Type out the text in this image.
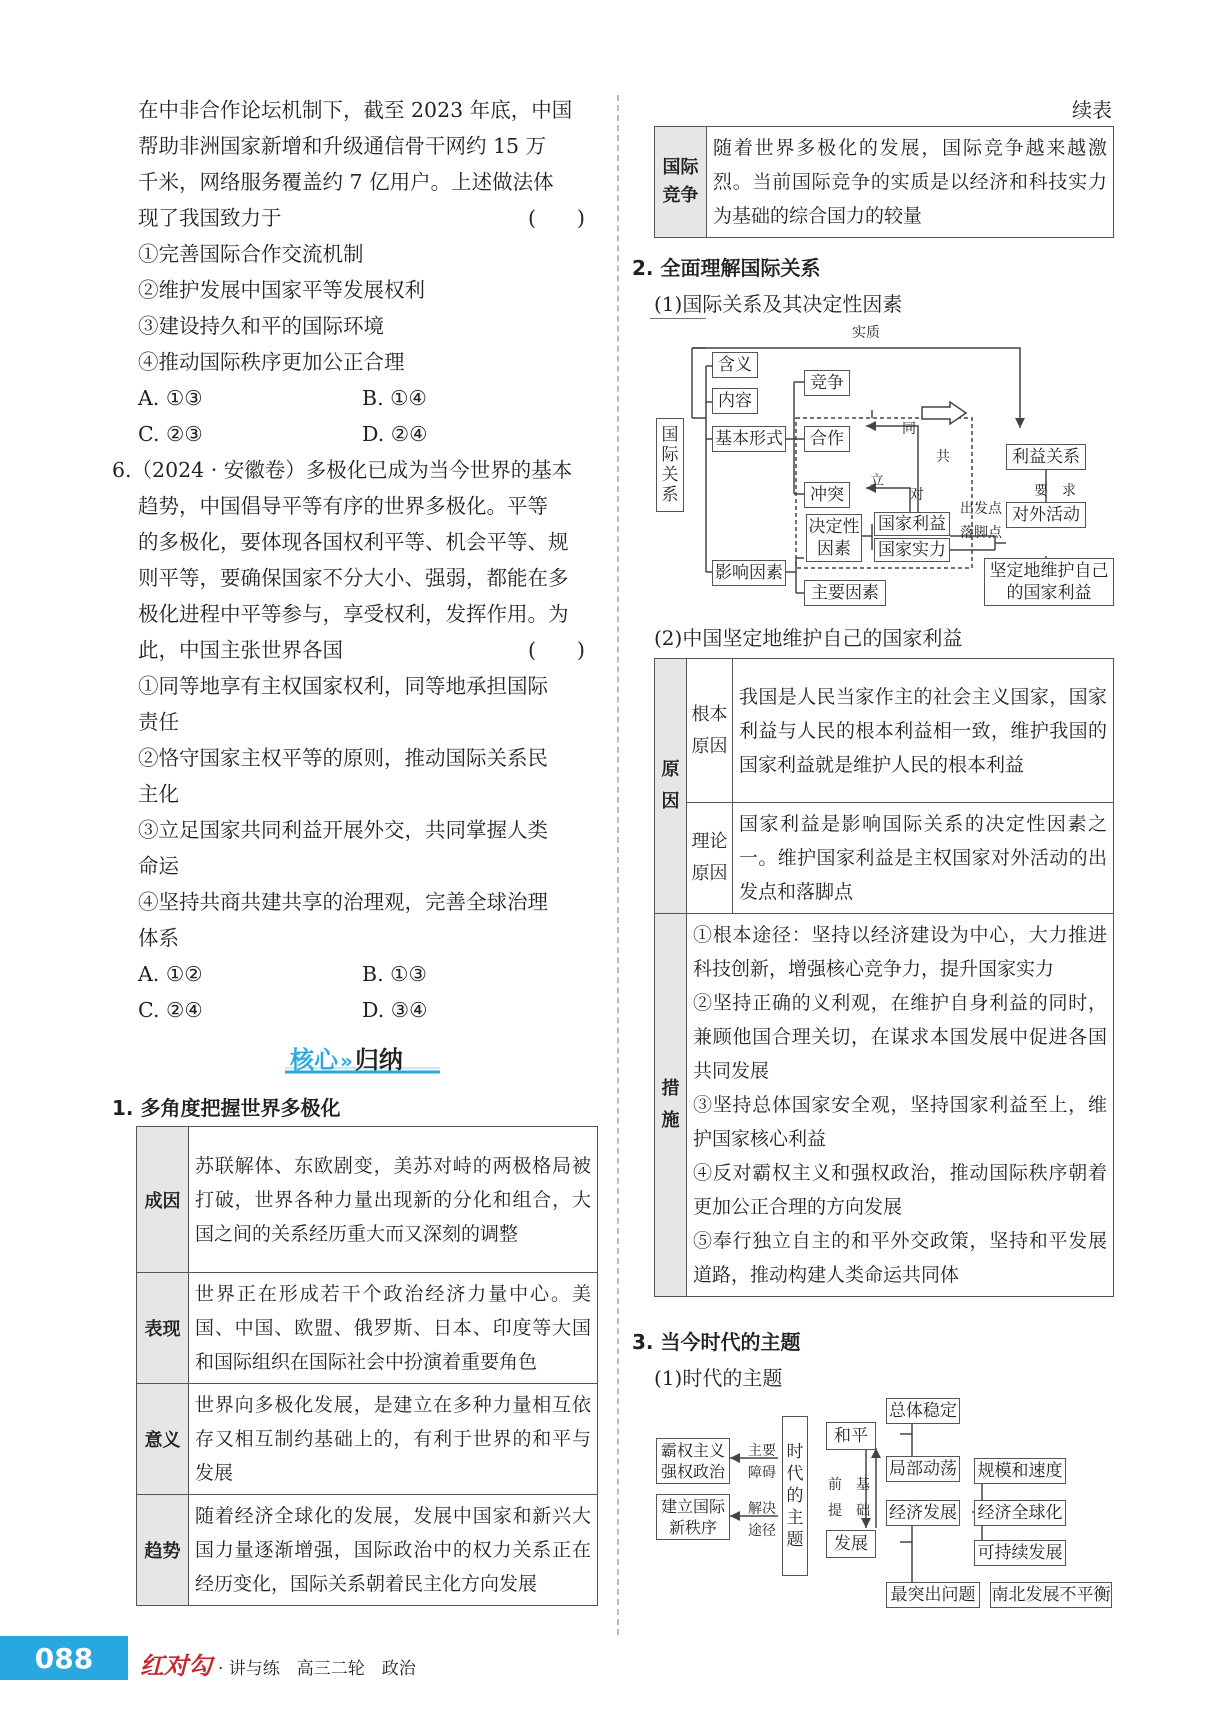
在中非合作论坛机制下，截至 2023 年底，中国
帮助非洲国家新增和升级通信骨干网约 15 万
千米，网络服务覆盖约 7 亿用户。上述做法体
现了我国致力于	(　　)
①完善国际合作交流机制
②维护发展中国家平等发展权利
③建设持久和平的国际环境
④推动国际秩序更加公正合理
A. ①③	B. ①④
C. ②③	D. ②④
6.（2024 · 安徽卷）多极化已成为当今世界的基本
趋势，中国倡导平等有序的世界多极化。平等
的多极化，要体现各国权利平等、机会平等、规
则平等，要确保国家不分大小、强弱，都能在多
极化进程中平等参与，享受权利，发挥作用。为
此，中国主张世界各国	(　　)
①同等地享有主权国家权利，同等地承担国际
责任
②恪守国家主权平等的原则，推动国际关系民
主化
③立足国家共同利益开展外交，共同掌握人类
命运
④坚持共商共建共享的治理观，完善全球治理
体系
A. ①②	B. ①③
C. ②④	D. ③④
核心 »归纳
1. 多角度把握世界多极化
成因	苏联解体、东欧剧变，美苏对峙的两极格局被打破，世界各种力量出现新的分化和组合，大国之间的关系经历重大而又深刻的调整
表现	世界正在形成若干个政治经济力量中心。美国、中国、欧盟、俄罗斯、日本、印度等大国和国际组织在国际社会中扮演着重要角色
意义	世界向多极化发展，是建立在多种力量相互依存又相互制约基础上的，有利于世界的和平与发展
趋势	随着经济全球化的发展，发展中国家和新兴大国力量逐渐增强，国际政治中的权力关系正在经历变化，国际关系朝着民主化方向发展
续表
国际竞争	随着世界多极化的发展，国际竞争越来越激烈。当前国际竞争的实质是以经济和科技实力为基础的综合国力的较量
2. 全面理解国际关系
(1)国际关系及其决定性因素
实质
国际关系
含义
内容
基本形式
竞争
合作
冲突
同
共
立
对
决定性因素
国家利益
国家实力
利益关系
要　求
出发点
落脚点
对外活动
坚定地维护自己的国家利益
影响因素
主要因素
(2)中国坚定地维护自己的国家利益
原因	根本原因	我国是人民当家作主的社会主义国家，国家利益与人民的根本利益相一致，维护我国的国家利益就是维护人民的根本利益
	理论原因	国家利益是影响国际关系的决定性因素之一。维护国家利益是主权国家对外活动的出发点和落脚点
措施	①根本途径：坚持以经济建设为中心，大力推进科技创新，增强核心竞争力，提升国家实力
②坚持正确的义利观，在维护自身利益的同时，兼顾他国合理关切，在谋求本国发展中促进各国共同发展
③坚持总体国家安全观，坚持国家利益至上，维护国家核心利益
④反对霸权主义和强权政治，推动国际秩序朝着更加公正合理的方向发展
⑤奉行独立自主的和平外交政策，坚持和平发展道路，推动构建人类命运共同体	
3. 当今时代的主题
(1)时代的主题
霸权主义强权政治
建立国际新秩序
主要
障碍
解决
途径
时代的主题
和平
发展
前
提
基
础
总体稳定
局部动荡 规模和速度
经济发展 经济全球化
可持续发展
最突出问题 南北发展不平衡
088	红对勾 · 讲与练　高三二轮　政治
